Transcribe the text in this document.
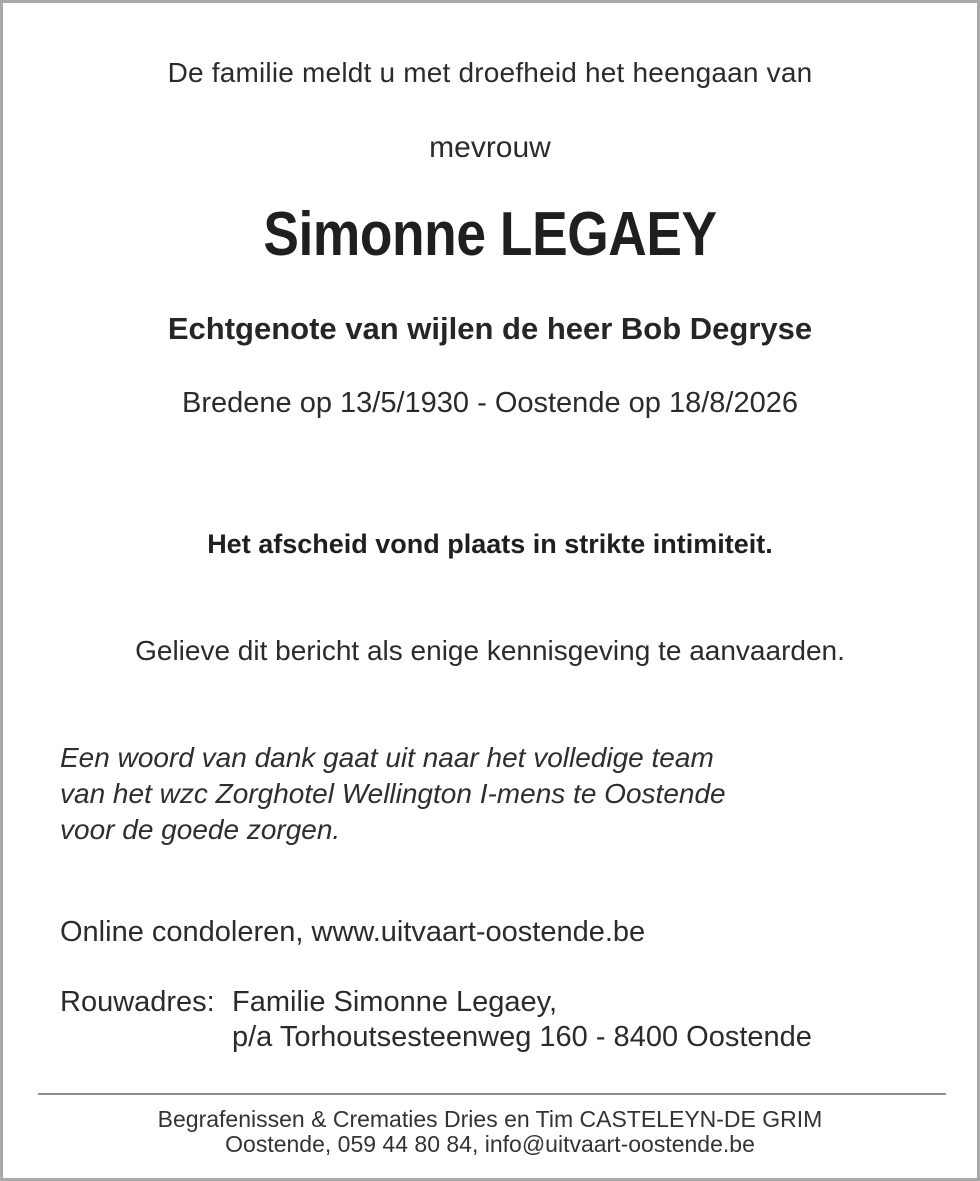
De familie meldt u met droefheid het heengaan van
mevrouw
Simonne LEGAEY
Echtgenote van wijlen de heer Bob Degryse
Bredene op 13/5/1930 - Oostende op 18/8/2026
Het afscheid vond plaats in strikte intimiteit.
Gelieve dit bericht als enige kennisgeving te aanvaarden.
Een woord van dank gaat uit naar het volledige team
van het wzc Zorghotel Wellington I-mens te Oostende
voor de goede zorgen.
Online condoleren, www.uitvaart-oostende.be
Rouwadres: Familie Simonne Legaey,
p/a Torhoutsesteenweg 160 - 8400 Oostende
Begrafenissen & Crematies Dries en Tim CASTELEYN-DE GRIM
Oostende, 059 44 80 84, info@uitvaart-oostende.be
